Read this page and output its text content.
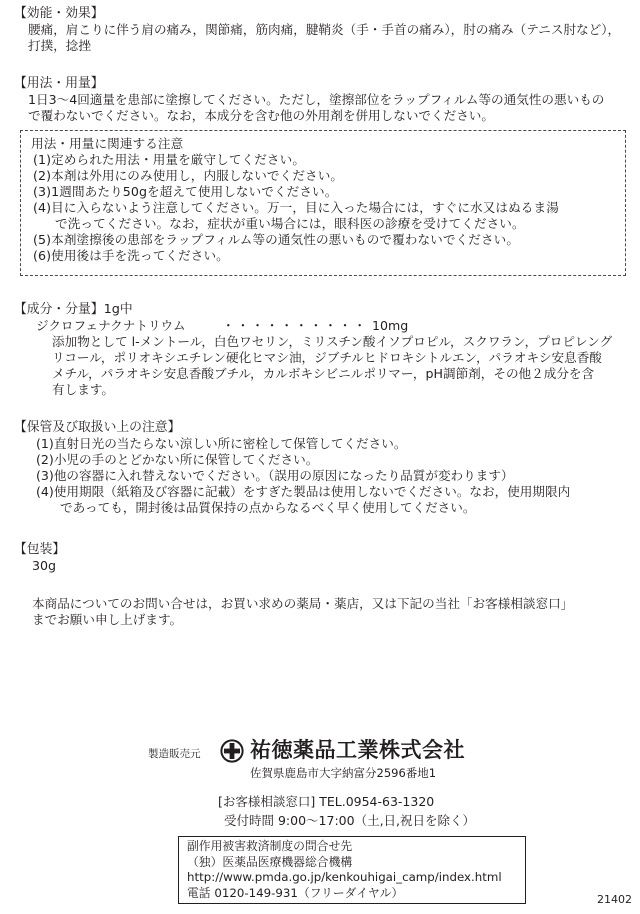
【効能・効果】
腰痛，肩こりに伴う肩の痛み，関節痛，筋肉痛，腱鞘炎（手・手首の痛み），肘の痛み（テニス肘など），
打撲，捻挫
【用法・用量】
1日3～4回適量を患部に塗擦してください。ただし，塗擦部位をラップフィルム等の通気性の悪いもの
で覆わないでください。なお，本成分を含む他の外用剤を併用しないでください。
用法・用量に関連する注意
(1)定められた用法・用量を厳守してください。
(2)本剤は外用にのみ使用し，内服しないでください。
(3)1週間あたり50gを超えて使用しないでください。
(4)目に入らないよう注意してください。万一，目に入った場合には，すぐに水又はぬるま湯
で洗ってください。なお，症状が重い場合には，眼科医の診療を受けてください。
(5)本剤塗擦後の患部をラップフィルム等の通気性の悪いもので覆わないでください。
(6)使用後は手を洗ってください。
【成分・分量】1g中
ジクロフェナクナトリウム	・・・・・・・・・・ 10mg
添加物として l-メントール，白色ワセリン，ミリスチン酸イソプロピル，スクワラン，プロピレング
リコール，ポリオキシエチレン硬化ヒマシ油，ジブチルヒドロキシトルエン，パラオキシ安息香酸
メチル，パラオキシ安息香酸ブチル，カルボキシビニルポリマー，pH調節剤，その他２成分を含
有します。
【保管及び取扱い上の注意】
(1)直射日光の当たらない涼しい所に密栓して保管してください。
(2)小児の手のとどかない所に保管してください。
(3)他の容器に入れ替えないでください。（誤用の原因になったり品質が変わります）
(4)使用期限（紙箱及び容器に記載）をすぎた製品は使用しないでください。なお，使用期限内
であっても，開封後は品質保持の点からなるべく早く使用してください。
【包装】
30g
本商品についてのお問い合せは，お買い求めの薬局・薬店，又は下記の当社「お客様相談窓口」
までお願い申し上げます。
製造販売元 祐徳薬品工業株式会社
佐賀県鹿島市大字納富分2596番地1
[お客様相談窓口] TEL.0954-63-1320
受付時間 9:00～17:00（土,日,祝日を除く）
副作用被害救済制度の問合せ先
（独）医薬品医療機器総合機構
http://www.pmda.go.jp/kenkouhigai_camp/index.html
電話 0120-149-931（フリーダイヤル）	21402
